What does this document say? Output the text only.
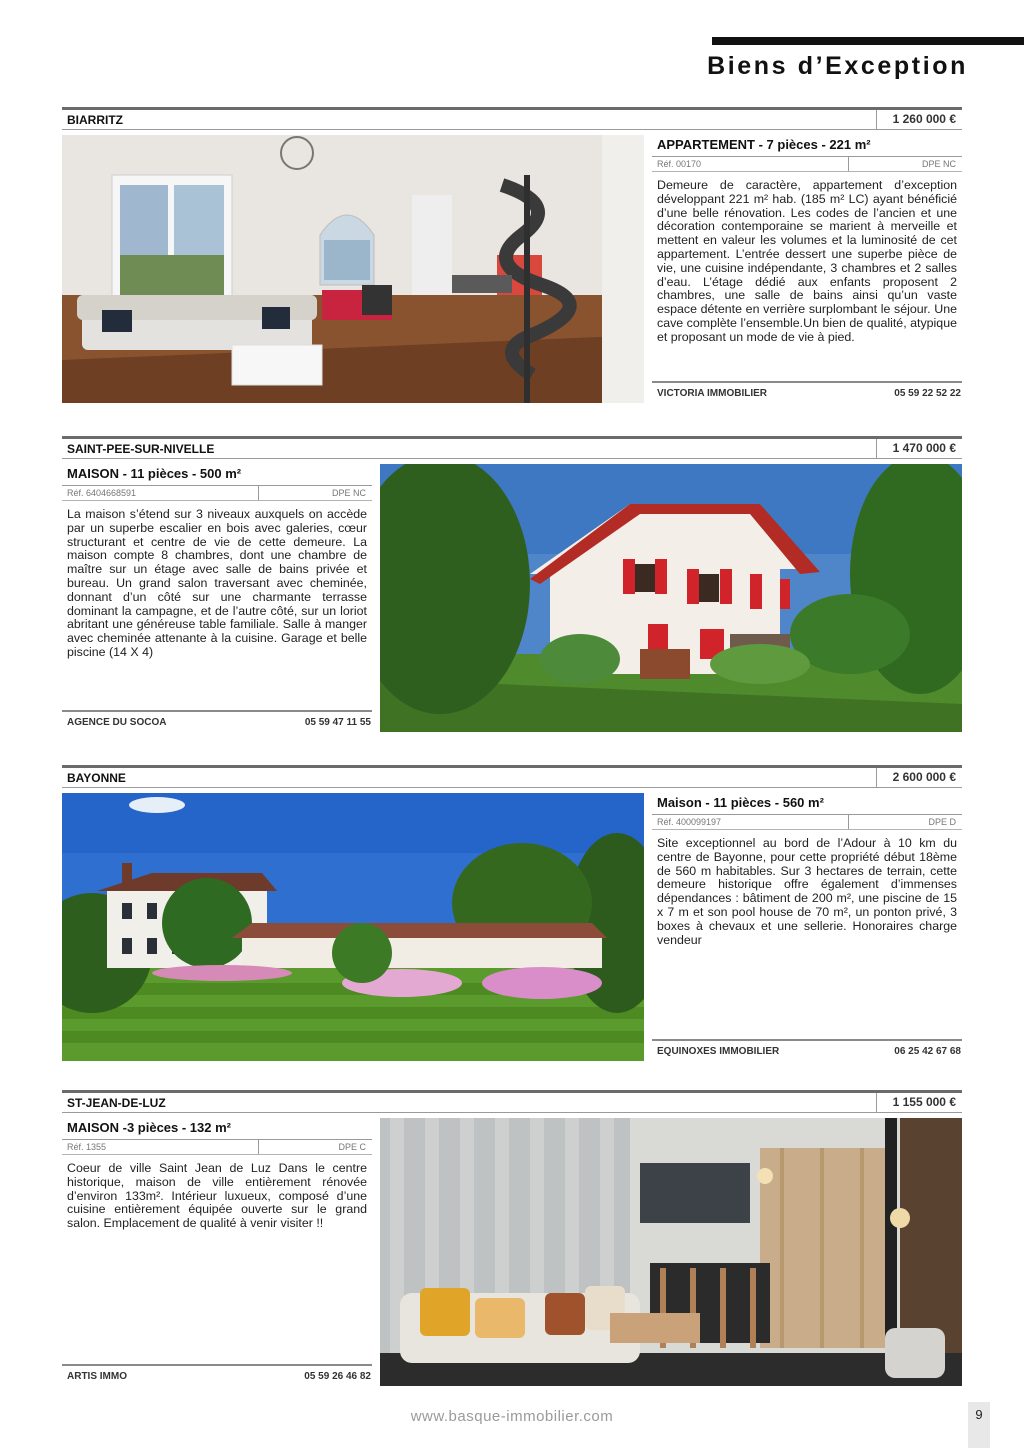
Biens d’Exception
BIARRITZ	1 260 000 €
APPARTEMENT - 7 pièces - 221 m²
Réf. 00170	DPE NC
Demeure de caractère, appartement d’exception développant 221 m² hab. (185 m² LC) ayant bénéficié d’une belle rénovation. Les codes de l’ancien et une décoration contemporaine se marient à merveille et mettent en valeur les volumes et la luminosité de cet appartement. L’entrée dessert une superbe pièce de vie, une cuisine indépendante, 3 chambres et 2 salles d’eau. L’étage dédié aux enfants proposent 2 chambres, une salle de bains ainsi qu’un vaste espace détente en verrière surplombant le séjour. Une cave complète l’ensemble.Un bien de qualité, atypique et proposant un mode de vie à pied.
VICTORIA IMMOBILIER	05 59 22 52 22
SAINT-PEE-SUR-NIVELLE	1 470 000 €
MAISON - 11 pièces - 500 m²
Réf. 6404668591	DPE NC
La maison s’étend sur 3 niveaux auxquels on accède par un superbe escalier en bois avec galeries, cœur structurant et centre de vie de cette demeure. La maison compte 8 chambres, dont une chambre de maître sur un étage avec salle de bains privée et bureau. Un grand salon traversant avec cheminée, donnant d’un côté sur une charmante terrasse dominant la campagne, et de l’autre côté, sur un loriot abritant une généreuse table familiale. Salle à manger avec cheminée attenante à la cuisine. Garage et belle piscine (14 X 4)
AGENCE DU SOCOA	05 59 47 11 55
BAYONNE	2 600 000 €
Maison - 11 pièces - 560 m²
Réf. 400099197	DPE D
Site exceptionnel au bord de l’Adour à 10 km du centre de Bayonne, pour cette propriété début 18ème de 560 m habitables. Sur 3 hectares de terrain, cette demeure historique offre également d’immenses dépendances : bâtiment de 200 m², une piscine de 15 x 7 m et son pool house de 70 m², un ponton privé, 3 boxes à chevaux et une sellerie. Honoraires charge vendeur
EQUINOXES IMMOBILIER	06 25 42 67 68
ST-JEAN-DE-LUZ	1 155 000 €
MAISON -3 pièces - 132 m²
Réf. 1355	DPE C
Coeur de ville Saint Jean de Luz Dans le centre historique, maison de ville entièrement rénovée d’environ 133m². Intérieur luxueux, composé d’une cuisine entièrement équipée ouverte sur le grand salon. Emplacement de qualité à venir visiter !!
ARTIS IMMO	05 59 26 46 82
www.basque-immobilier.com	9
